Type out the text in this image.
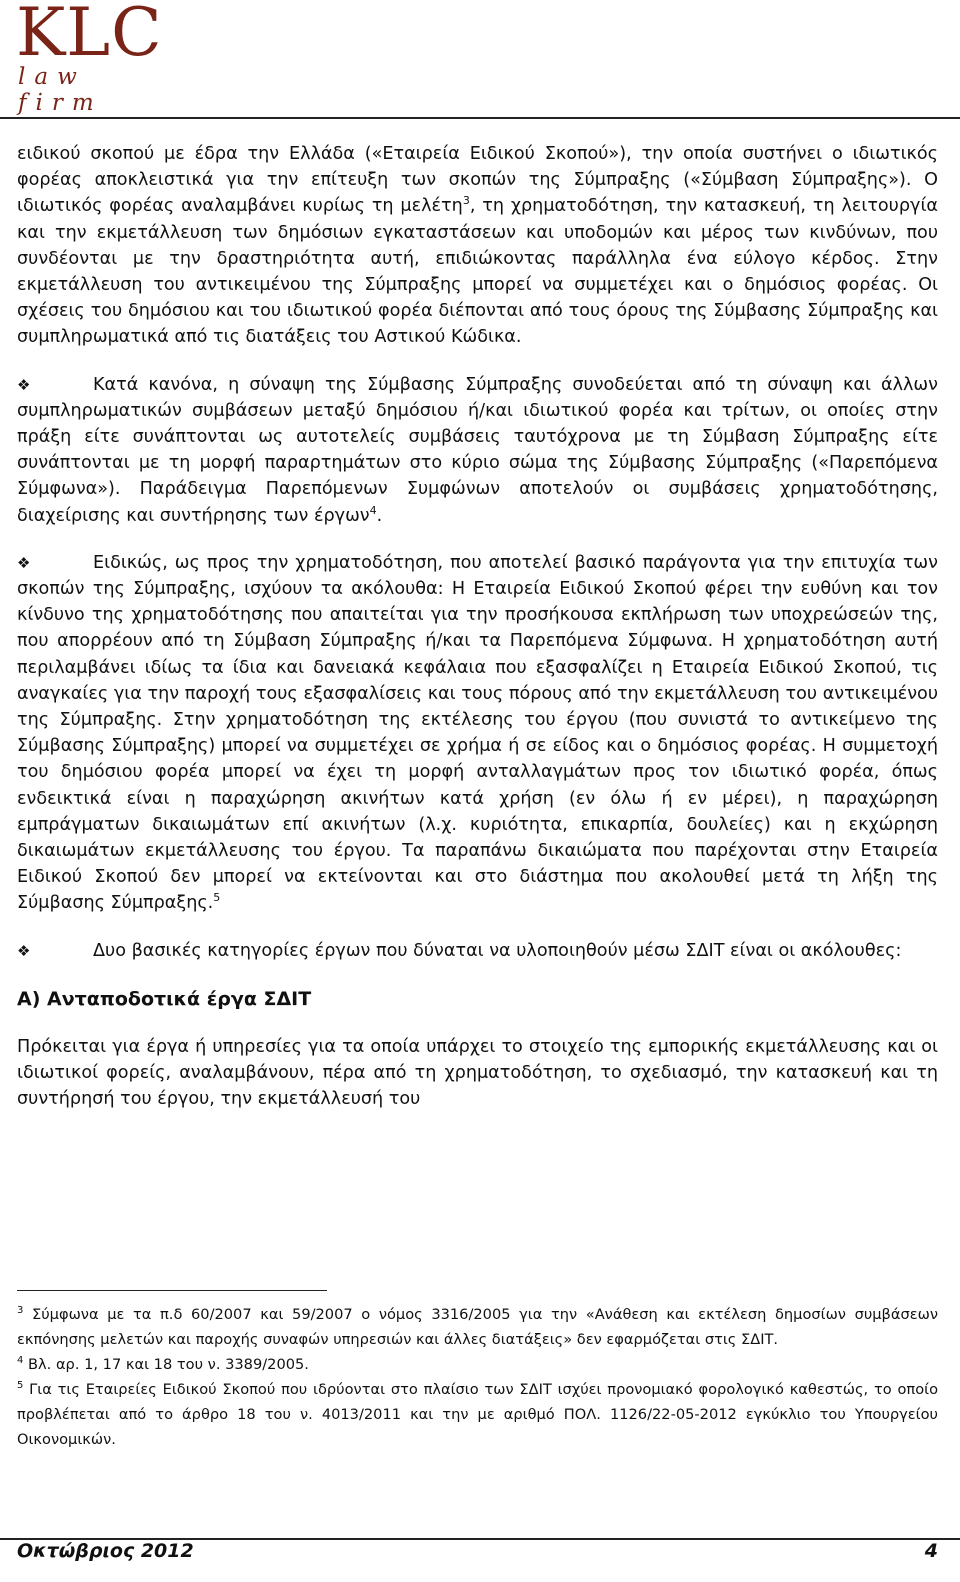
KLC
law firm

ειδικού σκοπού με έδρα την Ελλάδα («Εταιρεία Ειδικού Σκοπού»), την οποία συστήνει ο ιδιωτικός φορέας αποκλειστικά για την επίτευξη των σκοπών της Σύμπραξης («Σύμβαση Σύμπραξης»). Ο ιδιωτικός φορέας αναλαμβάνει κυρίως τη μελέτη$^3$, τη χρηματοδότηση, την κατασκευή, τη λειτουργία και την εκμετάλλευση των δημόσιων εγκαταστάσεων και υποδομών και μέρος των κινδύνων, που συνδέονται με την δραστηριότητα αυτή, επιδιώκοντας παράλληλα ένα εύλογο κέρδος. Στην εκμετάλλευση του αντικειμένου της Σύμπραξης μπορεί να συμμετέχει και ο δημόσιος φορέας. Οι σχέσεις του δημόσιου και του ιδιωτικού φορέα διέπονται από τους όρους της Σύμβασης Σύμπραξης και συμπληρωματικά από τις διατάξεις του Αστικού Κώδικα.

❖	Κατά κανόνα, η σύναψη της Σύμβασης Σύμπραξης συνοδεύεται από τη σύναψη και άλλων συμπληρωματικών συμβάσεων μεταξύ δημόσιου ή/και ιδιωτικού φορέα και τρίτων, οι οποίες στην πράξη είτε συνάπτονται ως αυτοτελείς συμβάσεις ταυτόχρονα με τη Σύμβαση Σύμπραξης είτε συνάπτονται με τη μορφή παραρτημάτων στο κύριο σώμα της Σύμβασης Σύμπραξης («Παρεπόμενα Σύμφωνα»). Παράδειγμα Παρεπόμενων Συμφώνων αποτελούν οι συμβάσεις χρηματοδότησης, διαχείρισης και συντήρησης των έργων$^4$.

❖	Ειδικώς, ως προς την χρηματοδότηση, που αποτελεί βασικό παράγοντα για την επιτυχία των σκοπών της Σύμπραξης, ισχύουν τα ακόλουθα: Η Εταιρεία Ειδικού Σκοπού φέρει την ευθύνη και τον κίνδυνο της χρηματοδότησης που απαιτείται για την προσήκουσα εκπλήρωση των υποχρεώσεών της, που απορρέουν από τη Σύμβαση Σύμπραξης ή/και τα Παρεπόμενα Σύμφωνα. Η χρηματοδότηση αυτή περιλαμβάνει ιδίως τα ίδια και δανειακά κεφάλαια που εξασφαλίζει η Εταιρεία Ειδικού Σκοπού, τις αναγκαίες για την παροχή τους εξασφαλίσεις και τους πόρους από την εκμετάλλευση του αντικειμένου της Σύμπραξης. Στην χρηματοδότηση της εκτέλεσης του έργου (που συνιστά το αντικείμενο της Σύμβασης Σύμπραξης) μπορεί να συμμετέχει σε χρήμα ή σε είδος και ο δημόσιος φορέας. Η συμμετοχή του δημόσιου φορέα μπορεί να έχει τη μορφή ανταλλαγμάτων προς τον ιδιωτικό φορέα, όπως ενδεικτικά είναι η παραχώρηση ακινήτων κατά χρήση (εν όλω ή εν μέρει), η παραχώρηση εμπράγματων δικαιωμάτων επί ακινήτων (λ.χ. κυριότητα, επικαρπία, δουλείες) και η εκχώρηση δικαιωμάτων εκμετάλλευσης του έργου. Τα παραπάνω δικαιώματα που παρέχονται στην Εταιρεία Ειδικού Σκοπού δεν μπορεί να εκτείνονται και στο διάστημα που ακολουθεί μετά τη λήξη της Σύμβασης Σύμπραξης.$^5$

❖	Δυο βασικές κατηγορίες έργων που δύναται να υλοποιηθούν μέσω ΣΔΙΤ είναι οι ακόλουθες:

Α) Ανταποδοτικά έργα ΣΔΙΤ

Πρόκειται για έργα ή υπηρεσίες για τα οποία υπάρχει το στοιχείο της εμπορικής εκμετάλλευσης και οι ιδιωτικοί φορείς, αναλαμβάνουν, πέρα από τη χρηματοδότηση, το σχεδιασμό, την κατασκευή και τη συντήρησή του έργου, την εκμετάλλευσή του

$^3$ Σύμφωνα με τα π.δ 60/2007 και 59/2007 ο νόμος 3316/2005 για την «Ανάθεση και εκτέλεση δημοσίων συμβάσεων εκπόνησης μελετών και παροχής συναφών υπηρεσιών και άλλες διατάξεις» δεν εφαρμόζεται στις ΣΔΙΤ.

$^4$ Βλ. αρ. 1, 17 και 18 του ν. 3389/2005.

$^5$ Για τις Εταιρείες Ειδικού Σκοπού που ιδρύονται στο πλαίσιο των ΣΔΙΤ ισχύει προνομιακό φορολογικό καθεστώς, το οποίο προβλέπεται από το άρθρο 18 του ν. 4013/2011 και την με αριθμό ΠΟΛ. 1126/22-05-2012 εγκύκλιο του Υπουργείου Οικονομικών.

Οκτώβριος 2012	4
